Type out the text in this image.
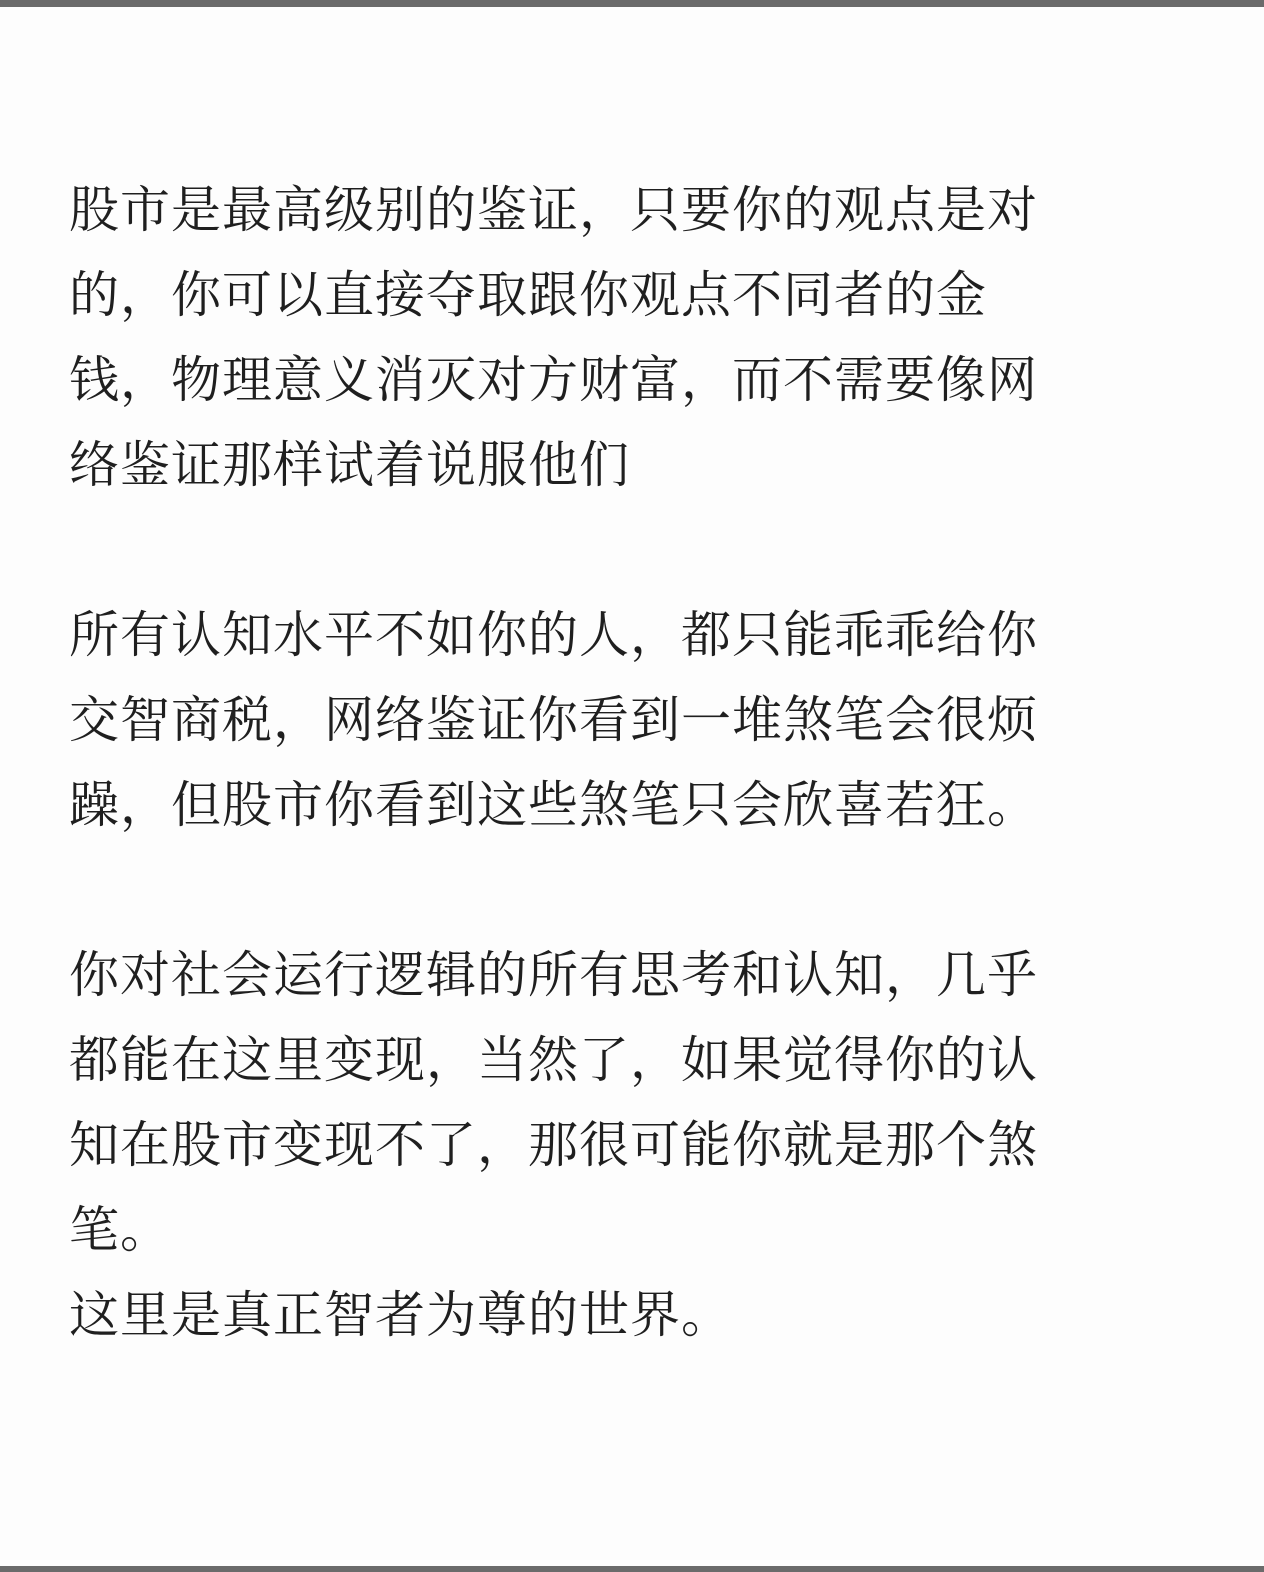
股市是最高级别的鉴证，只要你的观点是对
的，你可以直接夺取跟你观点不同者的金
钱，物理意义消灭对方财富，而不需要像网
络鉴证那样试着说服他们
所有认知水平不如你的人，都只能乖乖给你
交智商税，网络鉴证你看到一堆煞笔会很烦
躁，但股市你看到这些煞笔只会欣喜若狂。
你对社会运行逻辑的所有思考和认知，几乎
都能在这里变现，当然了，如果觉得你的认
知在股市变现不了，那很可能你就是那个煞
笔。
这里是真正智者为尊的世界。
